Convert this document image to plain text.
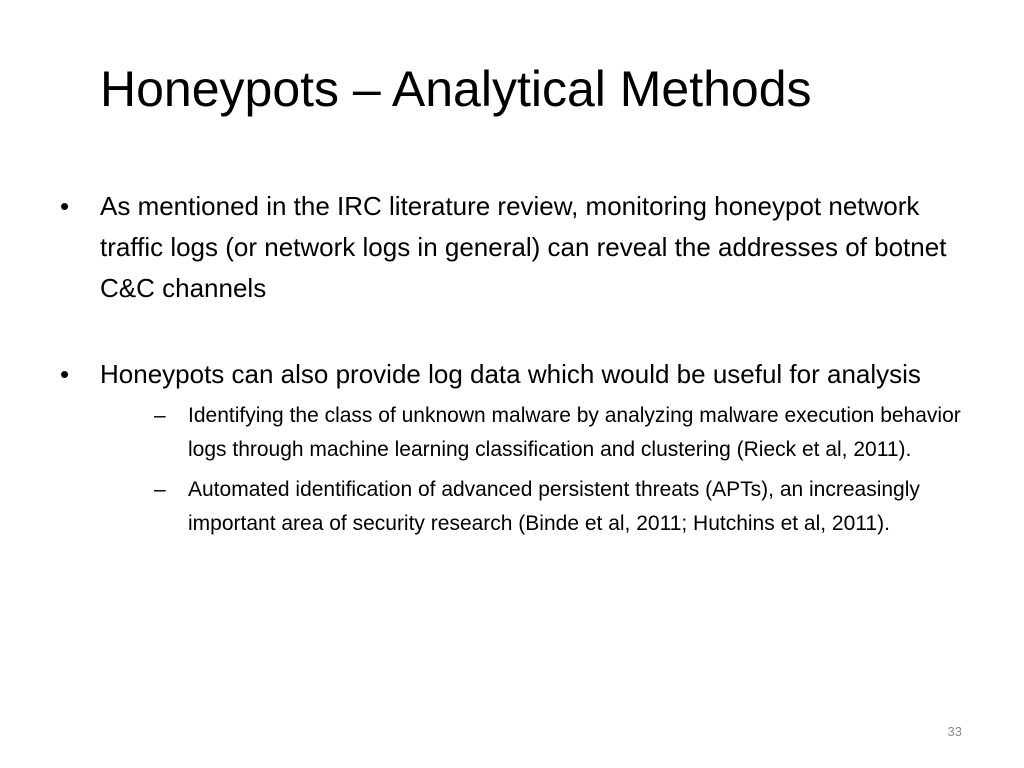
Honeypots – Analytical Methods
•	As mentioned in the IRC literature review, monitoring honeypot network traffic logs (or network logs in general) can reveal the addresses of botnet C&C channels
•	Honeypots can also provide log data which would be useful for analysis
–	Identifying the class of unknown malware by analyzing malware execution behavior logs through machine learning classification and clustering (Rieck et al, 2011).
–	Automated identification of advanced persistent threats (APTs), an increasingly important area of security research (Binde et al, 2011; Hutchins et al, 2011).
33
